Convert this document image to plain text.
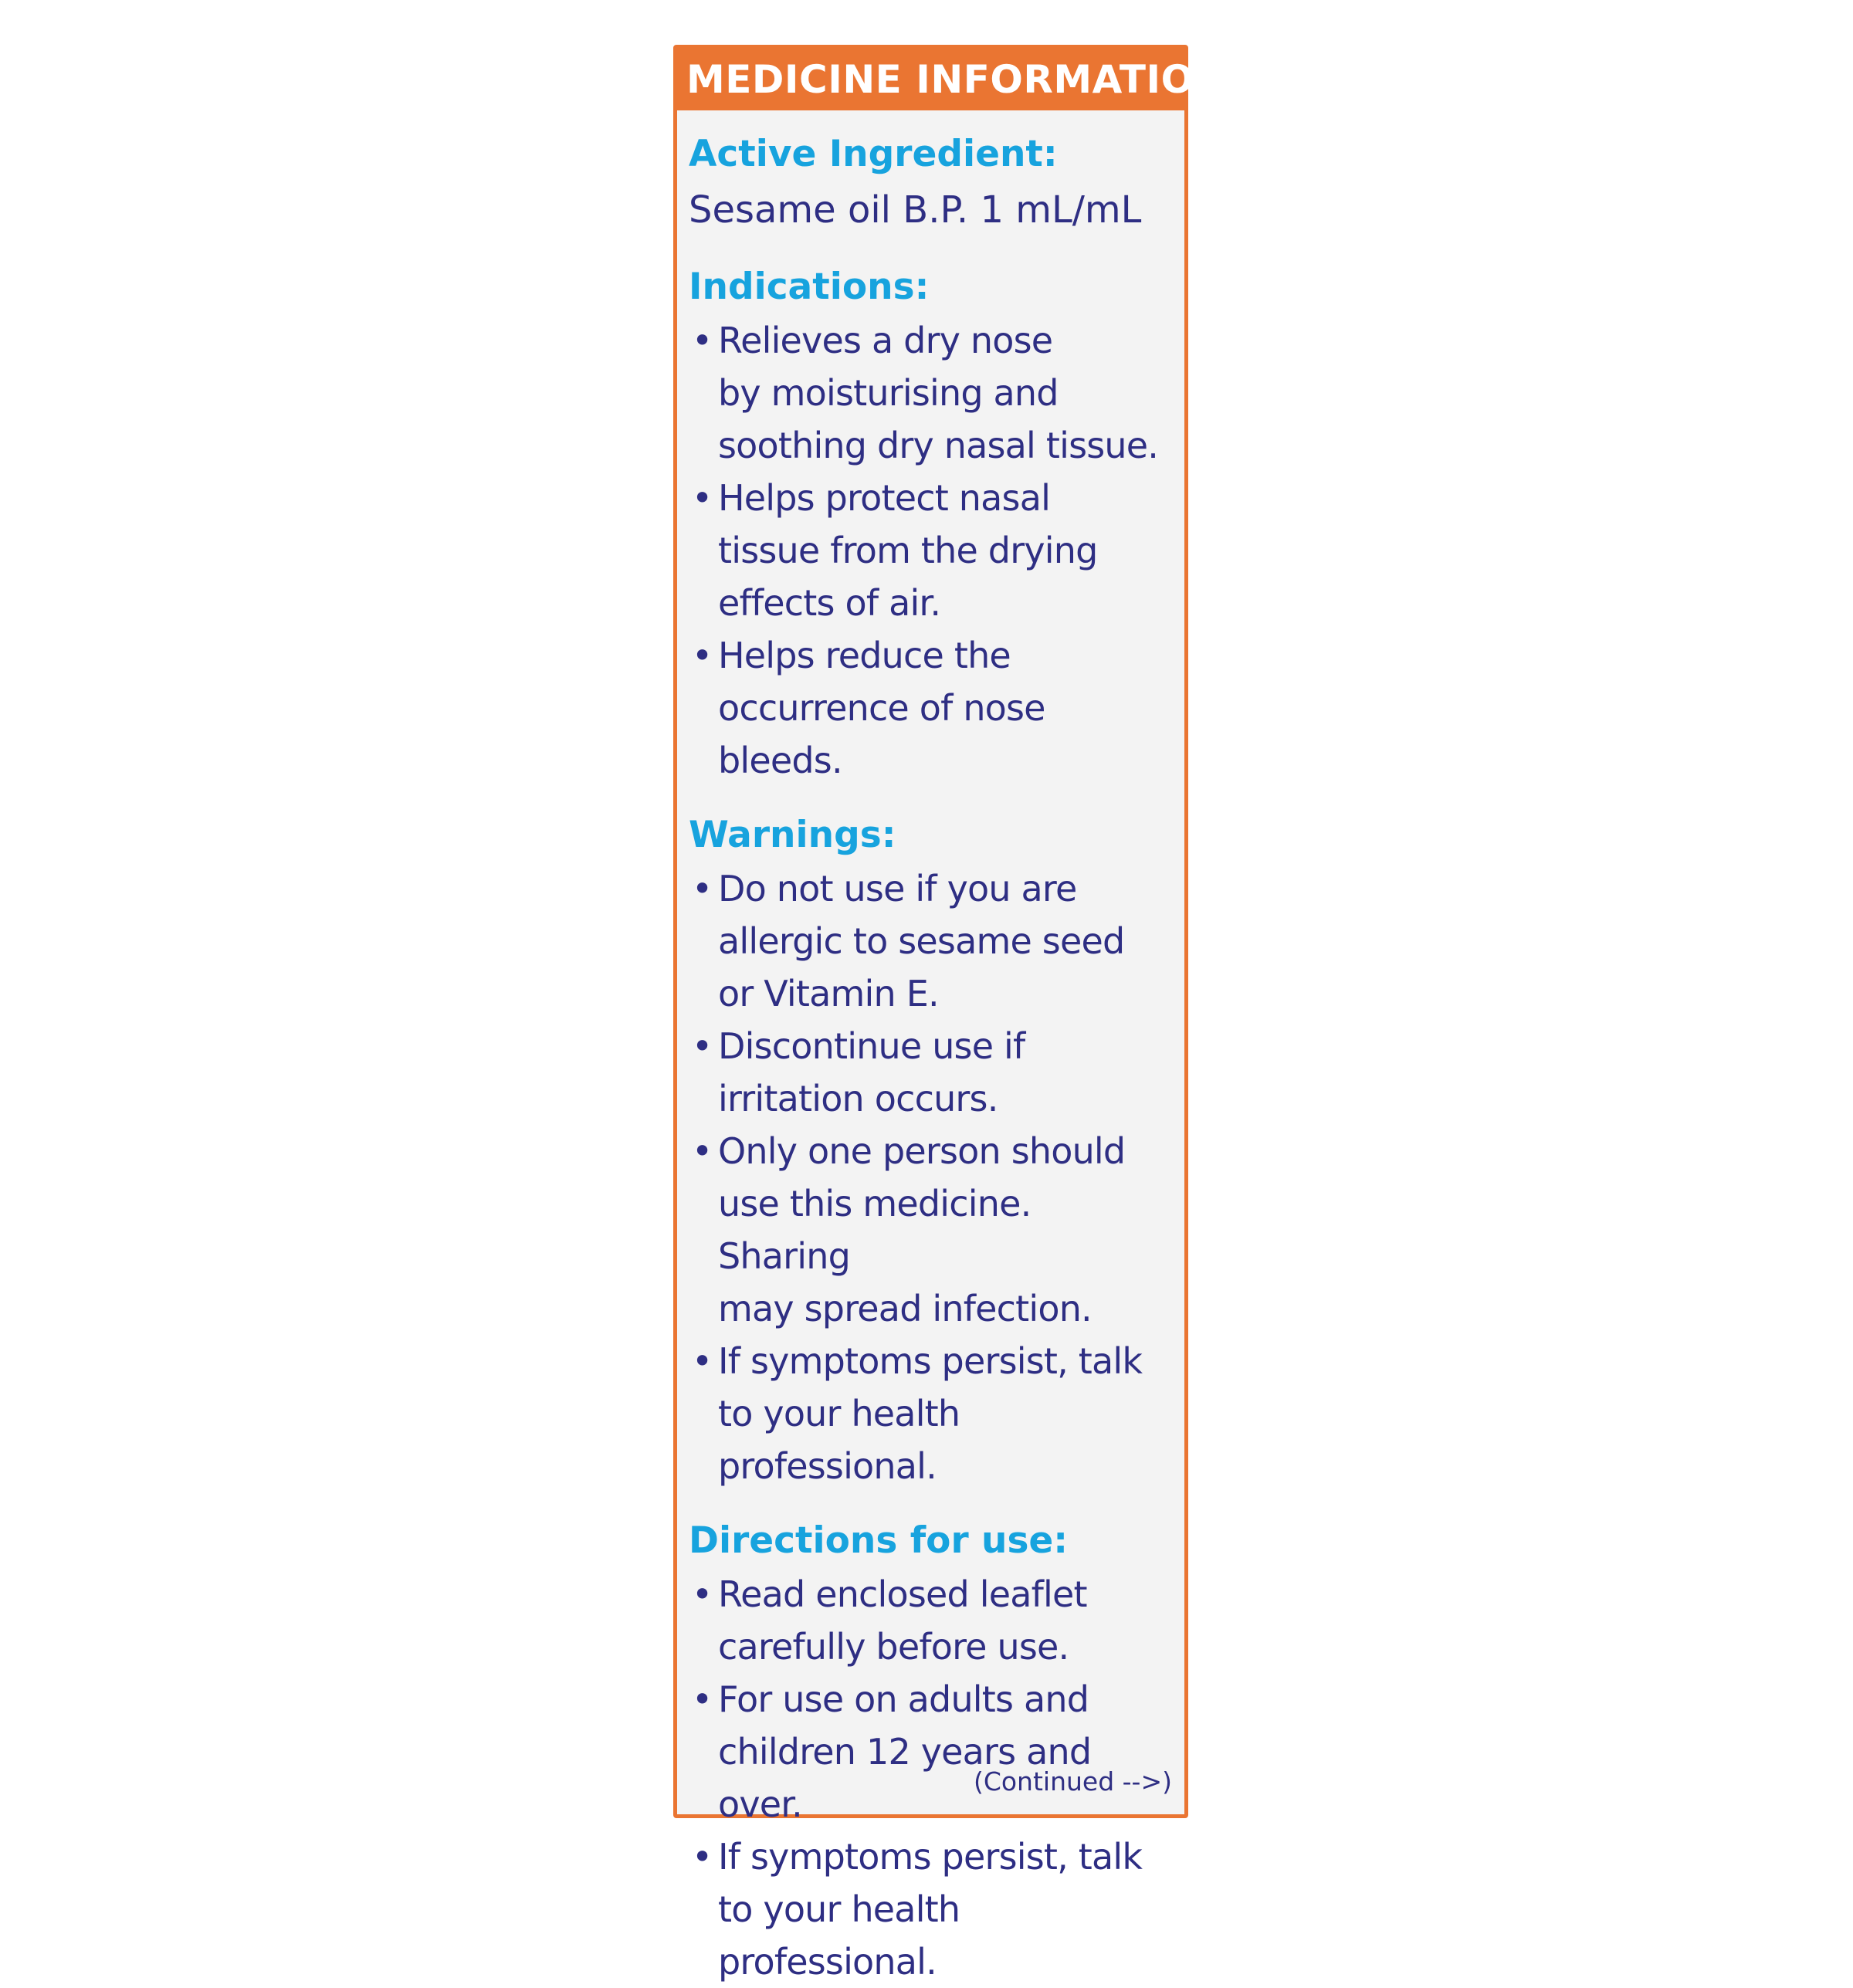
MEDICINE INFORMATION
Active Ingredient:
Sesame oil B.P. 1 mL/mL
Indications:
• Relieves a dry nose
by moisturising and
soothing dry nasal tissue.
• Helps protect nasal
tissue from the drying
effects of air.
• Helps reduce the
occurrence of nose bleeds.
Warnings:
• Do not use if you are
allergic to sesame seed
or Vitamin E.
• Discontinue use if
irritation occurs.
• Only one person should
use this medicine. Sharing
may spread infection.
• If symptoms persist, talk
to your health professional.
Directions for use:
• Read enclosed leaflet
carefully before use.
• For use on adults and
children 12 years and over.
• If symptoms persist, talk
to your health professional.
(Continued -->)
